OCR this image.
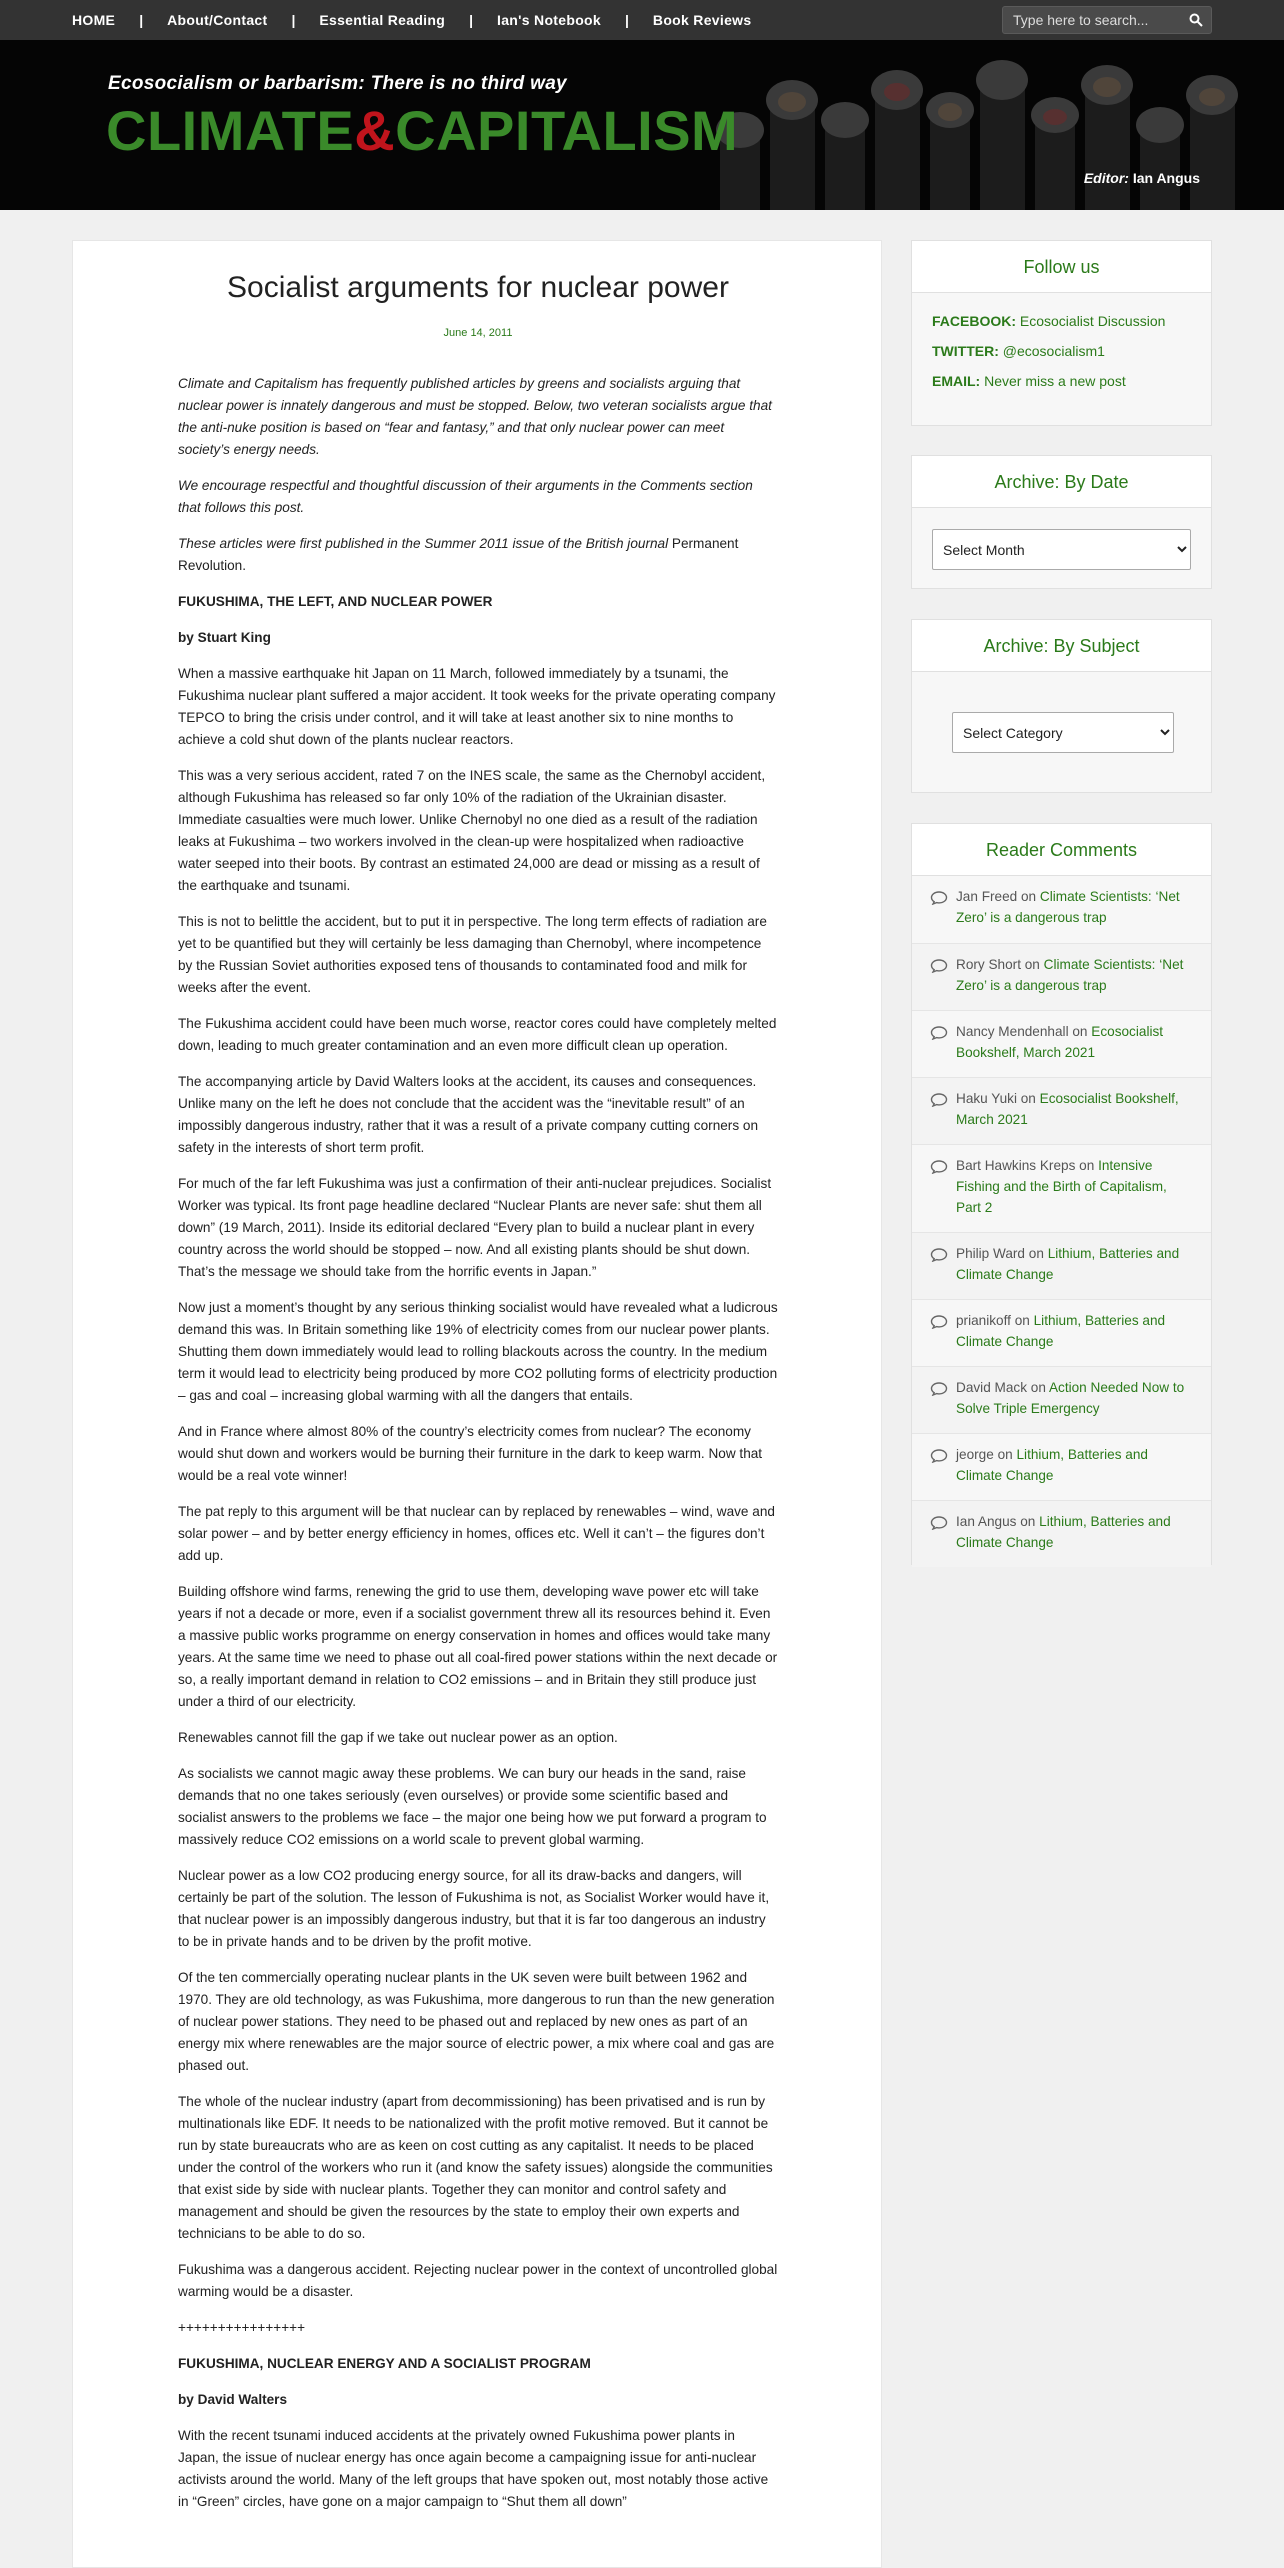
HOME | About/Contact | Essential Reading | Ian's Notebook | Book Reviews
Type here to search...
Ecosocialism or barbarism: There is no third way
CLIMATE&CAPITALISM
Editor: Ian Angus
Socialist arguments for nuclear power
June 14, 2011

Climate and Capitalism has frequently published articles by greens and socialists arguing that nuclear power is innately dangerous and must be stopped. Below, two veteran socialists argue that the anti-nuke position is based on “fear and fantasy,” and that only nuclear power can meet society’s energy needs.

We encourage respectful and thoughtful discussion of their arguments in the Comments section that follows this post.

These articles were first published in the Summer 2011 issue of the British journal Permanent Revolution.

FUKUSHIMA, THE LEFT, AND NUCLEAR POWER

by Stuart King

When a massive earthquake hit Japan on 11 March, followed immediately by a tsunami, the Fukushima nuclear plant suffered a major accident. It took weeks for the private operating company TEPCO to bring the crisis under control, and it will take at least another six to nine months to achieve a cold shut down of the plants nuclear reactors.

This was a very serious accident, rated 7 on the INES scale, the same as the Chernobyl accident, although Fukushima has released so far only 10% of the radiation of the Ukrainian disaster. Immediate casualties were much lower. Unlike Chernobyl no one died as a result of the radiation leaks at Fukushima – two workers involved in the clean-up were hospitalized when radioactive water seeped into their boots. By contrast an estimated 24,000 are dead or missing as a result of the earthquake and tsunami.

This is not to belittle the accident, but to put it in perspective. The long term effects of radiation are yet to be quantified but they will certainly be less damaging than Chernobyl, where incompetence by the Russian Soviet authorities exposed tens of thousands to contaminated food and milk for weeks after the event.

The Fukushima accident could have been much worse, reactor cores could have completely melted down, leading to much greater contamination and an even more difficult clean up operation.

The accompanying article by David Walters looks at the accident, its causes and consequences. Unlike many on the left he does not conclude that the accident was the “inevitable result” of an impossibly dangerous industry, rather that it was a result of a private company cutting corners on safety in the interests of short term profit.

For much of the far left Fukushima was just a confirmation of their anti-nuclear prejudices. Socialist Worker was typical. Its front page headline declared “Nuclear Plants are never safe: shut them all down” (19 March, 2011). Inside its editorial declared “Every plan to build a nuclear plant in every country across the world should be stopped – now. And all existing plants should be shut down. That’s the message we should take from the horrific events in Japan.”

Now just a moment’s thought by any serious thinking socialist would have revealed what a ludicrous demand this was. In Britain something like 19% of electricity comes from our nuclear power plants. Shutting them down immediately would lead to rolling blackouts across the country. In the medium term it would lead to electricity being produced by more CO2 polluting forms of electricity production – gas and coal – increasing global warming with all the dangers that entails.

And in France where almost 80% of the country’s electricity comes from nuclear? The economy would shut down and workers would be burning their furniture in the dark to keep warm. Now that would be a real vote winner!

The pat reply to this argument will be that nuclear can by replaced by renewables – wind, wave and solar power – and by better energy efficiency in homes, offices etc. Well it can’t – the figures don’t add up.

Building offshore wind farms, renewing the grid to use them, developing wave power etc will take years if not a decade or more, even if a socialist government threw all its resources behind it. Even a massive public works programme on energy conservation in homes and offices would take many years. At the same time we need to phase out all coal-fired power stations within the next decade or so, a really important demand in relation to CO2 emissions – and in Britain they still produce just under a third of our electricity.

Renewables cannot fill the gap if we take out nuclear power as an option.

As socialists we cannot magic away these problems. We can bury our heads in the sand, raise demands that no one takes seriously (even ourselves) or provide some scientific based and socialist answers to the problems we face – the major one being how we put forward a program to massively reduce CO2 emissions on a world scale to prevent global warming.

Nuclear power as a low CO2 producing energy source, for all its draw-backs and dangers, will certainly be part of the solution. The lesson of Fukushima is not, as Socialist Worker would have it, that nuclear power is an impossibly dangerous industry, but that it is far too dangerous an industry to be in private hands and to be driven by the profit motive.

Of the ten commercially operating nuclear plants in the UK seven were built between 1962 and 1970. They are old technology, as was Fukushima, more dangerous to run than the new generation of nuclear power stations. They need to be phased out and replaced by new ones as part of an energy mix where renewables are the major source of electric power, a mix where coal and gas are phased out.

The whole of the nuclear industry (apart from decommissioning) has been privatised and is run by multinationals like EDF. It needs to be nationalized with the profit motive removed. But it cannot be run by state bureaucrats who are as keen on cost cutting as any capitalist. It needs to be placed under the control of the workers who run it (and know the safety issues) alongside the communities that exist side by side with nuclear plants. Together they can monitor and control safety and management and should be given the resources by the state to employ their own experts and technicians to be able to do so.

Fukushima was a dangerous accident. Rejecting nuclear power in the context of uncontrolled global warming would be a disaster.

++++++++++++++++

FUKUSHIMA, NUCLEAR ENERGY AND A SOCIALIST PROGRAM

by David Walters

With the recent tsunami induced accidents at the privately owned Fukushima power plants in Japan, the issue of nuclear energy has once again become a campaigning issue for anti-nuclear activists around the world. Many of the left groups that have spoken out, most notably those active in “Green” circles, have gone on a major campaign to “Shut them all down”

Follow us
FACEBOOK: Ecosocialist Discussion
TWITTER: @ecosocialism1
EMAIL: Never miss a new post
Archive: By Date
Select Month
Archive: By Subject
Select Category
Reader Comments
Jan Freed on Climate Scientists: ‘Net Zero’ is a dangerous trap
Rory Short on Climate Scientists: ‘Net Zero’ is a dangerous trap
Nancy Mendenhall on Ecosocialist Bookshelf, March 2021
Haku Yuki on Ecosocialist Bookshelf, March 2021
Bart Hawkins Kreps on Intensive Fishing and the Birth of Capitalism, Part 2
Philip Ward on Lithium, Batteries and Climate Change
prianikoff on Lithium, Batteries and Climate Change
David Mack on Action Needed Now to Solve Triple Emergency
jeorge on Lithium, Batteries and Climate Change
Ian Angus on Lithium, Batteries and Climate Change
